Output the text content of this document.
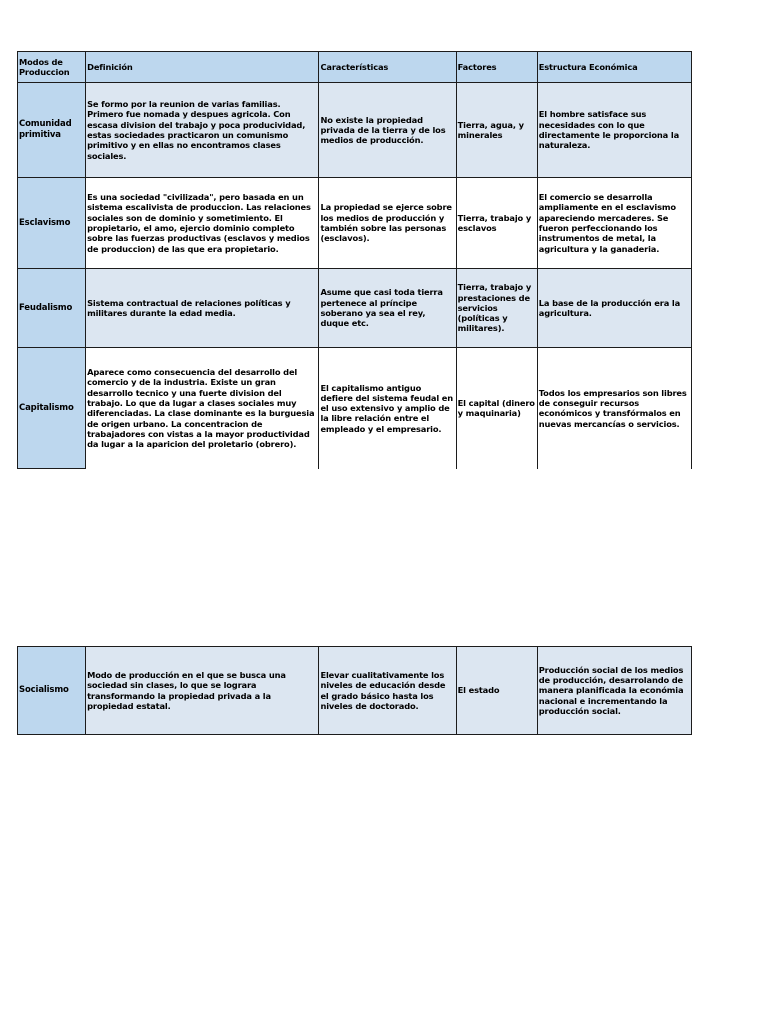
Modos de Produccion	Definición	Características	Factores	Estructura Económica
Comunidad primitiva	Se formo por la reunion de varias familias. Primero fue nomada y despues agricola. Con escasa division del trabajo y poca producividad, estas sociedades practicaron un comunismo primitivo y en ellas no encontramos clases sociales.	No existe la propiedad privada de la tierra y de los medios de producción.	Tierra, agua, y minerales	El hombre satisface sus necesidades con lo que directamente le proporciona la naturaleza.
Esclavismo	Es una sociedad "civilizada", pero basada en un sistema escalivista de produccion. Las relaciones sociales son de dominio y sometimiento. El propietario, el amo, ejercio dominio completo sobre las fuerzas productivas (esclavos y medios de produccion) de las que era propietario.	La propiedad se ejerce sobre los medios de producción y también sobre las personas (esclavos).	Tierra, trabajo y esclavos	El comercio se desarrolla ampliamente en el esclavismo apareciendo mercaderes. Se fueron perfeccionando los instrumentos de metal, la agricultura y la ganaderia.
Feudalismo	Sistema contractual de relaciones políticas y militares durante la edad media.	Asume que casi toda tierra pertenece al príncipe soberano ya sea el rey, duque etc.	Tierra, trabajo y prestaciones de servicios (políticas y militares).	La base de la producción era la agricultura.
Capitalismo	Aparece como consecuencia del desarrollo del comercio y de la industria. Existe un gran desarrollo tecnico y una fuerte division del trabajo. Lo que da lugar a clases sociales muy diferenciadas. La clase dominante es la burguesia de origen urbano. La concentracion de trabajadores con vistas a la mayor productividad da lugar a la aparicion del proletario (obrero).	El capitalismo antiguo defiere del sistema feudal en el uso extensivo y amplio de la libre relación entre el empleado y el empresario.	El capital (dinero y maquinaria)	Todos los empresarios son libres de conseguir recursos económicos y transfórmalos en nuevas mercancías o servicios.
Socialismo	Modo de producción en el que se busca una sociedad sin clases, lo que se lograra transformando la propiedad privada a la propiedad estatal.	Elevar cualitativamente los niveles de educación desde el grado básico hasta los niveles de doctorado.	El estado	Producción social de los medios de producción, desarrolando de manera planificada la económia nacional e incrementando la producción social.
